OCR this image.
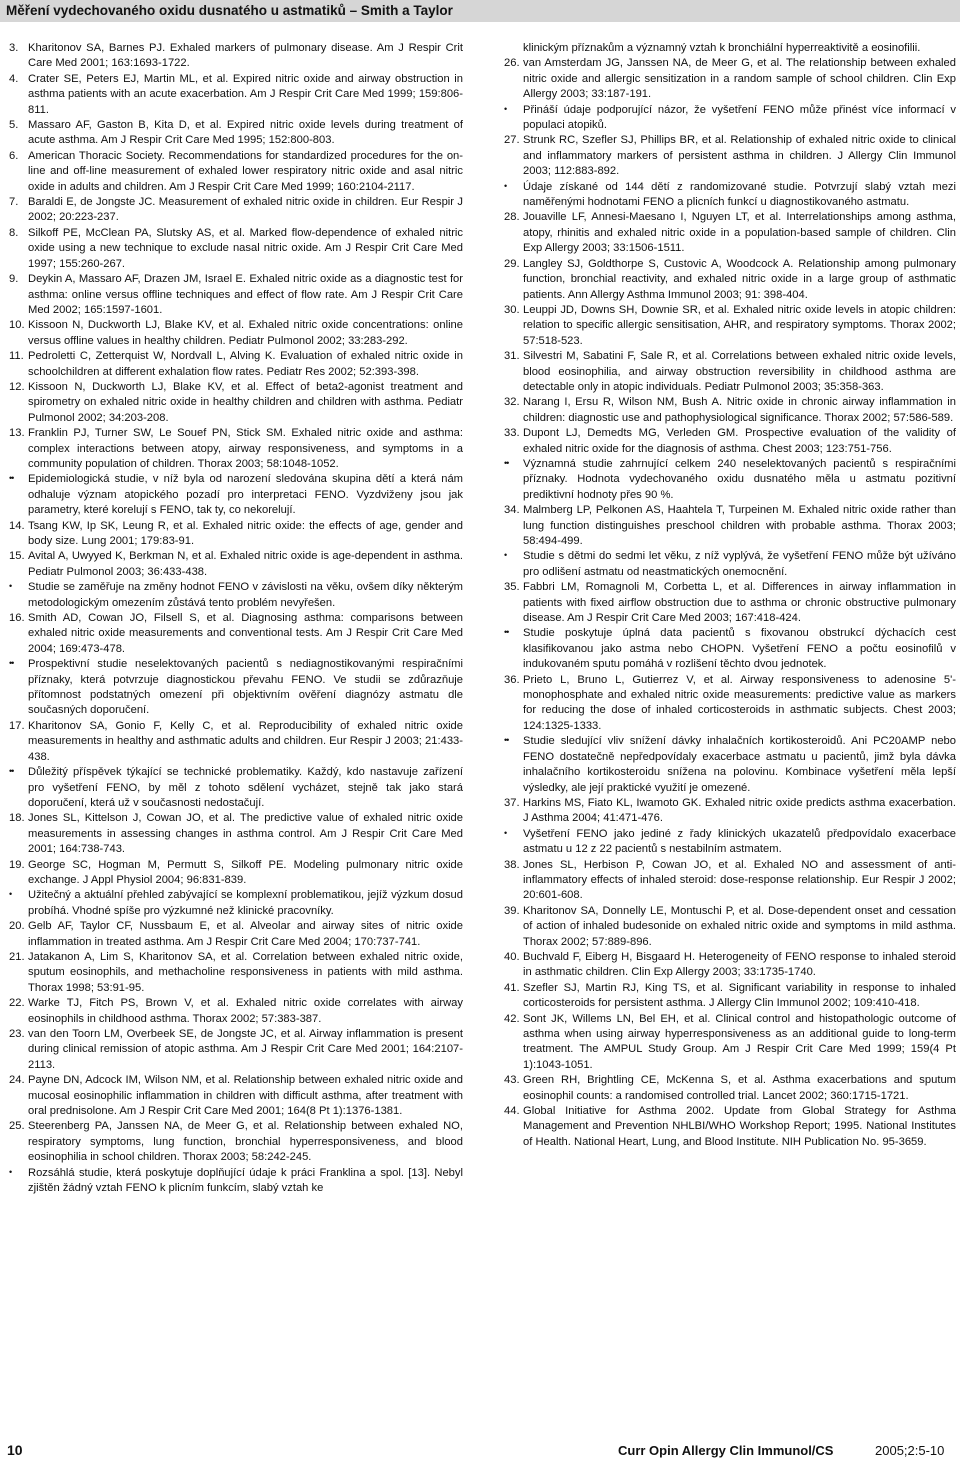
Měření vydechovaného oxidu dusnatého u astmatiků – Smith a Taylor
3. Kharitonov SA, Barnes PJ. Exhaled markers of pulmonary disease. Am J Respir Crit Care Med 2001; 163:1693-1722.
4. Crater SE, Peters EJ, Martin ML, et al. Expired nitric oxide and airway obstruction in asthma patients with an acute exacerbation. Am J Respir Crit Care Med 1999; 159:806-811.
5. Massaro AF, Gaston B, Kita D, et al. Expired nitric oxide levels during treatment of acute asthma. Am J Respir Crit Care Med 1995; 152:800-803.
6. American Thoracic Society. Recommendations for standardized procedures for the on-line and off-line measurement of exhaled lower respiratory nitric oxide and asal nitric oxide in adults and children. Am J Respir Crit Care Med 1999; 160:2104-2117.
7. Baraldi E, de Jongste JC. Measurement of exhaled nitric oxide in children. Eur Respir J 2002; 20:223-237.
8. Silkoff PE, McClean PA, Slutsky AS, et al. Marked flow-dependence of exhaled nitric oxide using a new technique to exclude nasal nitric oxide. Am J Respir Crit Care Med 1997; 155:260-267.
9. Deykin A, Massaro AF, Drazen JM, Israel E. Exhaled nitric oxide as a diagnostic test for asthma: online versus offline techniques and effect of flow rate. Am J Respir Crit Care Med 2002; 165:1597-1601.
10. Kissoon N, Duckworth LJ, Blake KV, et al. Exhaled nitric oxide concentrations: online versus offline values in healthy children. Pediatr Pulmonol 2002; 33:283-292.
11. Pedroletti C, Zetterquist W, Nordvall L, Alving K. Evaluation of exhaled nitric oxide in schoolchildren at different exhalation flow rates. Pediatr Res 2002; 52:393-398.
12. Kissoon N, Duckworth LJ, Blake KV, et al. Effect of beta2-agonist treatment and spirometry on exhaled nitric oxide in healthy children and children with asthma. Pediatr Pulmonol 2002; 34:203-208.
13. Franklin PJ, Turner SW, Le Souef PN, Stick SM. Exhaled nitric oxide and asthma: complex interactions between atopy, airway responsiveness, and symptoms in a community population of children. Thorax 2003; 58:1048-1052.
•• Epidemiologická studie, v níž byla od narození sledována skupina dětí a která nám odhaluje význam atopického pozadí pro interpretaci FENO. Vyzdviženy jsou jak parametry, které korelují s FENO, tak ty, co nekorelují.
14. Tsang KW, Ip SK, Leung R, et al. Exhaled nitric oxide: the effects of age, gender and body size. Lung 2001; 179:83-91.
15. Avital A, Uwyyed K, Berkman N, et al. Exhaled nitric oxide is age-dependent in asthma. Pediatr Pulmonol 2003; 36:433-438.
• Studie se zaměřuje na změny hodnot FENO v závislosti na věku, ovšem díky některým metodologickým omezením zůstává tento problém nevyřešen.
16. Smith AD, Cowan JO, Filsell S, et al. Diagnosing asthma: comparisons between exhaled nitric oxide measurements and conventional tests. Am J Respir Crit Care Med 2004; 169:473-478.
•• Prospektivní studie neselektovaných pacientů s nediagnostikovanými respiračními příznaky, která potvrzuje diagnostickou převahu FENO. Ve studii se zdůrazňuje přítomnost podstatných omezení při objektivním ověření diagnózy astmatu dle současných doporučení.
17. Kharitonov SA, Gonio F, Kelly C, et al. Reproducibility of exhaled nitric oxide measurements in healthy and asthmatic adults and children. Eur Respir J 2003; 21:433-438.
•• Důležitý příspěvek týkající se technické problematiky. Každý, kdo nastavuje zařízení pro vyšetření FENO, by měl z tohoto sdělení vycházet, stejně tak jako stará doporučení, která už v současnosti nedostačují.
18. Jones SL, Kittelson J, Cowan JO, et al. The predictive value of exhaled nitric oxide measurements in assessing changes in asthma control. Am J Respir Crit Care Med 2001; 164:738-743.
19. George SC, Hogman M, Permutt S, Silkoff PE. Modeling pulmonary nitric oxide exchange. J Appl Physiol 2004; 96:831-839.
• Užitečný a aktuální přehled zabývající se komplexní problematikou, jejíž výzkum dosud probíhá. Vhodné spíše pro výzkumné než klinické pracovníky.
20. Gelb AF, Taylor CF, Nussbaum E, et al. Alveolar and airway sites of nitric oxide inflammation in treated asthma. Am J Respir Crit Care Med 2004; 170:737-741.
21. Jatakanon A, Lim S, Kharitonov SA, et al. Correlation between exhaled nitric oxide, sputum eosinophils, and methacholine responsiveness in patients with mild asthma. Thorax 1998; 53:91-95.
22. Warke TJ, Fitch PS, Brown V, et al. Exhaled nitric oxide correlates with airway eosinophils in childhood asthma. Thorax 2002; 57:383-387.
23. van den Toorn LM, Overbeek SE, de Jongste JC, et al. Airway inflammation is present during clinical remission of atopic asthma. Am J Respir Crit Care Med 2001; 164:2107-2113.
24. Payne DN, Adcock IM, Wilson NM, et al. Relationship between exhaled nitric oxide and mucosal eosinophilic inflammation in children with difficult asthma, after treatment with oral prednisolone. Am J Respir Crit Care Med 2001; 164(8 Pt 1):1376-1381.
25. Steerenberg PA, Janssen NA, de Meer G, et al. Relationship between exhaled NO, respiratory symptoms, lung function, bronchial hyperresponsiveness, and blood eosinophilia in school children. Thorax 2003; 58:242-245.
• Rozsáhlá studie, která poskytuje doplňující údaje k práci Franklina a spol. [13]. Nebyl zjištěn žádný vztah FENO k plicním funkcím, slabý vztah ke
klinickým příznakům a významný vztah k bronchiální hyperreaktivitě a eosinofilii.
26. van Amsterdam JG, Janssen NA, de Meer G, et al. The relationship between exhaled nitric oxide and allergic sensitization in a random sample of school children. Clin Exp Allergy 2003; 33:187-191.
• Přináší údaje podporující názor, že vyšetření FENO může přinést více informací v populaci atopiků.
27. Strunk RC, Szefler SJ, Phillips BR, et al. Relationship of exhaled nitric oxide to clinical and inflammatory markers of persistent asthma in children. J Allergy Clin Immunol 2003; 112:883-892.
• Údaje získané od 144 dětí z randomizované studie. Potvrzují slabý vztah mezi naměřenými hodnotami FENO a plicních funkcí u diagnostikovaného astmatu.
28. Jouaville LF, Annesi-Maesano I, Nguyen LT, et al. Interrelationships among asthma, atopy, rhinitis and exhaled nitric oxide in a population-based sample of children. Clin Exp Allergy 2003; 33:1506-1511.
29. Langley SJ, Goldthorpe S, Custovic A, Woodcock A. Relationship among pulmonary function, bronchial reactivity, and exhaled nitric oxide in a large group of asthmatic patients. Ann Allergy Asthma Immunol 2003; 91: 398-404.
30. Leuppi JD, Downs SH, Downie SR, et al. Exhaled nitric oxide levels in atopic children: relation to specific allergic sensitisation, AHR, and respiratory symptoms. Thorax 2002; 57:518-523.
31. Silvestri M, Sabatini F, Sale R, et al. Correlations between exhaled nitric oxide levels, blood eosinophilia, and airway obstruction reversibility in childhood asthma are detectable only in atopic individuals. Pediatr Pulmonol 2003; 35:358-363.
32. Narang I, Ersu R, Wilson NM, Bush A. Nitric oxide in chronic airway inflammation in children: diagnostic use and pathophysiological significance. Thorax 2002; 57:586-589.
33. Dupont LJ, Demedts MG, Verleden GM. Prospective evaluation of the validity of exhaled nitric oxide for the diagnosis of asthma. Chest 2003; 123:751-756.
•• Významná studie zahrnující celkem 240 neselektovaných pacientů s respiračními příznaky. Hodnota vydechovaného oxidu dusnatého měla u astmatu pozitivní prediktivní hodnoty přes 90 %.
34. Malmberg LP, Pelkonen AS, Haahtela T, Turpeinen M. Exhaled nitric oxide rather than lung function distinguishes preschool children with probable asthma. Thorax 2003; 58:494-499.
• Studie s dětmi do sedmi let věku, z níž vyplývá, že vyšetření FENO může být užíváno pro odlišení astmatu od neastmatických onemocnění.
35. Fabbri LM, Romagnoli M, Corbetta L, et al. Differences in airway inflammation in patients with fixed airflow obstruction due to asthma or chronic obstructive pulmonary disease. Am J Respir Crit Care Med 2003; 167:418-424.
•• Studie poskytuje úplná data pacientů s fixovanou obstrukcí dýchacích cest klasifikovanou jako astma nebo CHOPN. Vyšetření FENO a počtu eosinofilů v indukovaném sputu pomáhá v rozlišení těchto dvou jednotek.
36. Prieto L, Bruno L, Gutierrez V, et al. Airway responsiveness to adenosine 5'-monophosphate and exhaled nitric oxide measurements: predictive value as markers for reducing the dose of inhaled corticosteroids in asthmatic subjects. Chest 2003; 124:1325-1333.
•• Studie sledující vliv snížení dávky inhalačních kortikosteroidů. Ani PC20AMP nebo FENO dostatečně nepředpovídaly exacerbace astmatu u pacientů, jimž byla dávka inhalačního kortikosteroidu snížena na polovinu. Kombinace vyšetření měla lepší výsledky, ale její praktické využití je omezené.
37. Harkins MS, Fiato KL, Iwamoto GK. Exhaled nitric oxide predicts asthma exacerbation. J Asthma 2004; 41:471-476.
• Vyšetření FENO jako jediné z řady klinických ukazatelů předpovídalo exacerbace astmatu u 12 z 22 pacientů s nestabilním astmatem.
38. Jones SL, Herbison P, Cowan JO, et al. Exhaled NO and assessment of anti-inflammatory effects of inhaled steroid: dose-response relationship. Eur Respir J 2002; 20:601-608.
39. Kharitonov SA, Donnelly LE, Montuschi P, et al. Dose-dependent onset and cessation of action of inhaled budesonide on exhaled nitric oxide and symptoms in mild asthma. Thorax 2002; 57:889-896.
40. Buchvald F, Eiberg H, Bisgaard H. Heterogeneity of FENO response to inhaled steroid in asthmatic children. Clin Exp Allergy 2003; 33:1735-1740.
41. Szefler SJ, Martin RJ, King TS, et al. Significant variability in response to inhaled corticosteroids for persistent asthma. J Allergy Clin Immunol 2002; 109:410-418.
42. Sont JK, Willems LN, Bel EH, et al. Clinical control and histopathologic outcome of asthma when using airway hyperresponsiveness as an additional guide to long-term treatment. The AMPUL Study Group. Am J Respir Crit Care Med 1999; 159(4 Pt 1):1043-1051.
43. Green RH, Brightling CE, McKenna S, et al. Asthma exacerbations and sputum eosinophil counts: a randomised controlled trial. Lancet 2002; 360:1715-1721.
44. Global Initiative for Asthma 2002. Update from Global Strategy for Asthma Management and Prevention NHLBI/WHO Workshop Report; 1995. National Institutes of Health. National Heart, Lung, and Blood Institute. NIH Publication No. 95-3659.
10	Curr Opin Allergy Clin Immunol/CS	2005;2:5-10
